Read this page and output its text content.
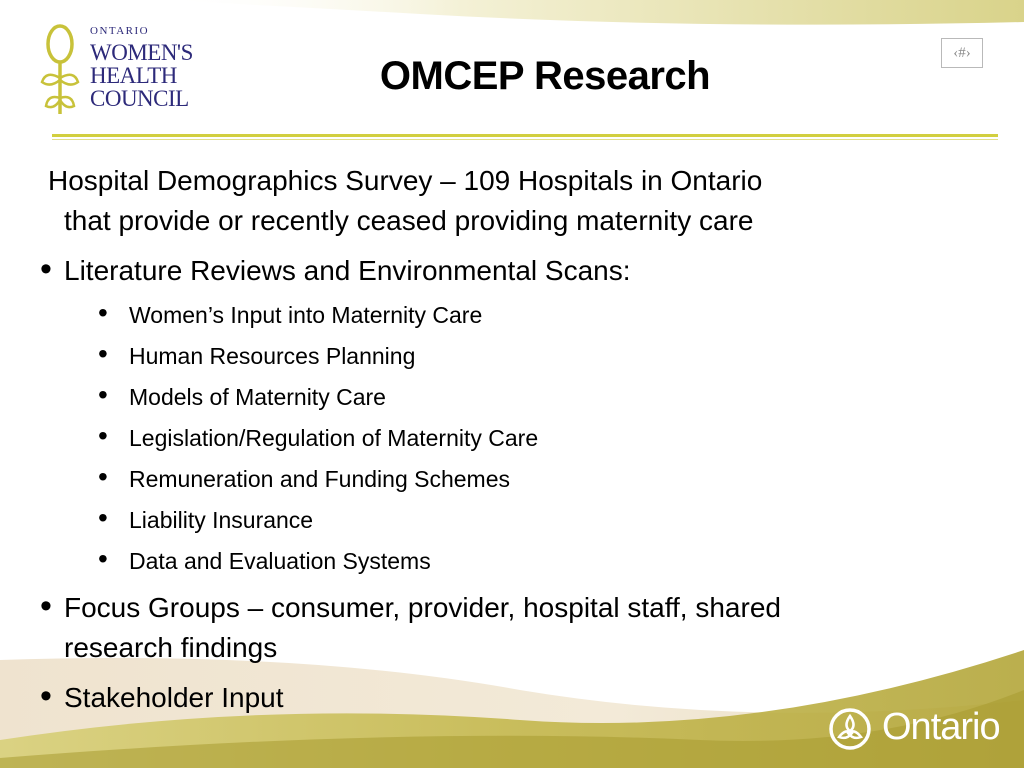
ONTARIO
WOMEN'S
HEALTH
COUNCIL
OMCEP Research
‹#›
Ontario
Hospital Demographics Survey – 109 Hospitals in Ontario
that provide or recently ceased providing maternity care
• Literature Reviews and Environmental Scans:
• Women’s Input into Maternity Care
• Human Resources Planning
• Models of Maternity Care
• Legislation/Regulation of Maternity Care
• Remuneration and Funding Schemes
• Liability Insurance
• Data and Evaluation Systems
• Focus Groups – consumer, provider, hospital staff, shared
research findings
• Stakeholder Input
